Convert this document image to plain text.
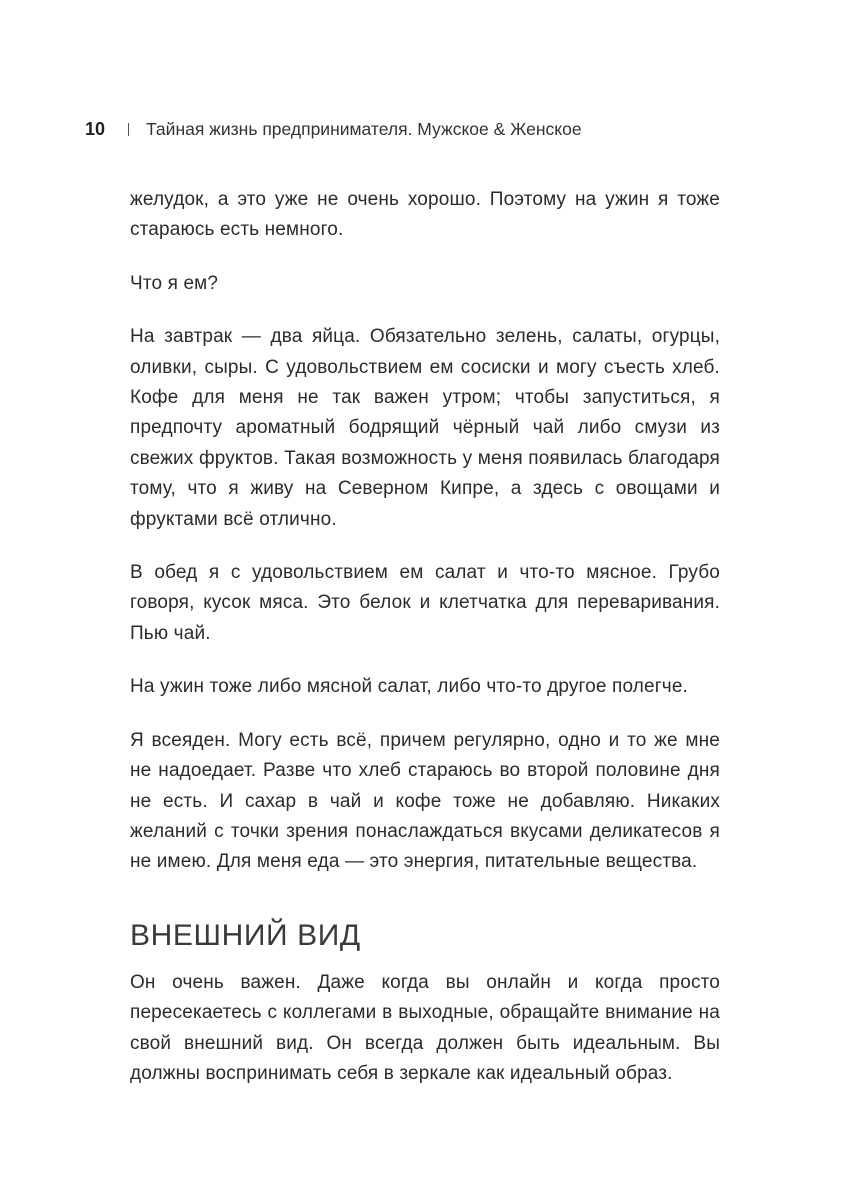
10 Тайная жизнь предпринимателя. Мужское & Женское

желудок, а это уже не очень хорошо. Поэтому на ужин я тоже стараюсь есть немного.

Что я ем?

На завтрак — два яйца. Обязательно зелень, салаты, огурцы, оливки, сыры. С удовольствием ем сосиски и могу съесть хлеб. Кофе для меня не так важен утром; чтобы запуститься, я предпочту ароматный бодрящий чёрный чай либо смузи из свежих фруктов. Такая возможность у меня появилась благодаря тому, что я живу на Северном Кипре, а здесь с овощами и фруктами всё отлично.

В обед я с удовольствием ем салат и что-то мясное. Грубо говоря, кусок мяса. Это белок и клетчатка для переваривания. Пью чай.

На ужин тоже либо мясной салат, либо что-то другое полегче.

Я всеяден. Могу есть всё, причем регулярно, одно и то же мне не надоедает. Разве что хлеб стараюсь во второй половине дня не есть. И сахар в чай и кофе тоже не добавляю. Никаких желаний с точки зрения понаслаждаться вкусами деликатесов я не имею. Для меня еда — это энергия, питательные вещества.

ВНЕШНИЙ ВИД

Он очень важен. Даже когда вы онлайн и когда просто пересекаетесь с коллегами в выходные, обращайте внимание на свой внешний вид. Он всегда должен быть идеальным. Вы должны воспринимать себя в зеркале как идеальный образ.
